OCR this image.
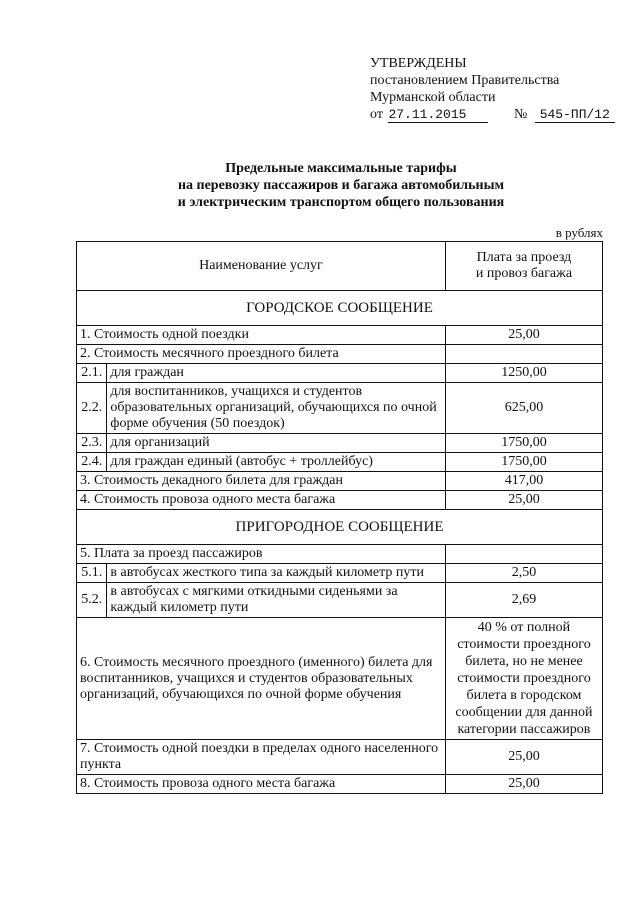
УТВЕРЖДЕНЫ
постановлением Правительства
Мурманской области
от 27.11.2015	№ 545-ПП/12
Предельные максимальные тарифы
на перевозку пассажиров и багажа автомобильным
и электрическим транспортом общего пользования
в рублях
Наименование услуг		Плата за проезд
и провоз багажа

ГОРОДСКОЕ СООБЩЕНИЕ		
1. Стоимость одной поездки		25,00
2. Стоимость месячного проездного билета		
2.1.	для граждан	1250,00
2.2.	для воспитанников, учащихся и студентов образовательных организаций, обучающихся по очной форме обучения (50 поездок)	625,00
2.3.	для организаций	1750,00
2.4.	для граждан единый (автобус + троллейбус)	1750,00
3. Стоимость декадного билета для граждан		417,00
4. Стоимость провоза одного места багажа		25,00
ПРИГОРОДНОЕ СООБЩЕНИЕ		
5. Плата за проезд пассажиров		
5.1.	в автобусах жесткого типа за каждый километр пути	2,50
5.2.	в автобусах с мягкими откидными сиденьями за каждый километр пути	2,69
6. Стоимость месячного проездного (именного) билета для воспитанников, учащихся и студентов образовательных организаций, обучающихся по очной форме обучения		40 % от полной стоимости проездного билета, но не менее стоимости проездного билета в городском сообщении для данной категории пассажиров
7. Стоимость одной поездки в пределах одного населенного пункта		25,00
8. Стоимость провоза одного места багажа		25,00
